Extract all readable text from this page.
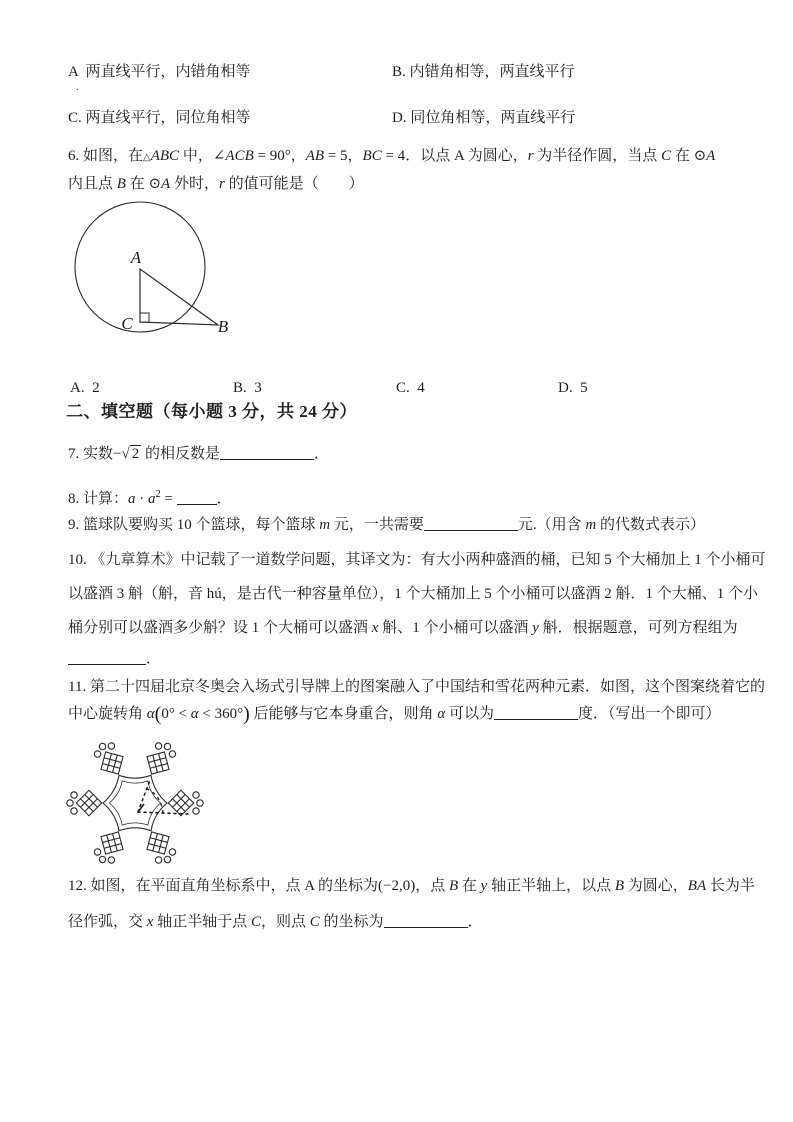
A  两直线平行，内错角相等	B. 内错角相等，两直线平行
.
C. 两直线平行，同位角相等	D. 同位角相等，两直线平行
6. 如图，在△ABC 中，∠ACB = 90°，AB = 5，BC = 4．以点 A 为圆心，r 为半径作圆，当点 C 在 ⊙A
内且点 B 在 ⊙A 外时，r 的值可能是（　　）
A
C	B
A.  2	B.  3	C.  4	D.  5
二、填空题（每小题 3 分，共 24 分）
7. 实数−√ 2 的相反数是	．
8. 计算：$a \cdot a^2$ =	．
9. 篮球队要购买 10 个篮球，每个篮球 m 元，一共需要	元.（用含 m 的代数式表示）
10. 《九章算术》中记载了一道数学问题，其译文为：有大小两种盛酒的桶，已知 5 个大桶加上 1 个小桶可
以盛酒 3 斛（斛，音 hú，是古代一种容量单位），1 个大桶加上 5 个小桶可以盛酒 2 斛．1 个大桶、1 个小
桶分别可以盛酒多少斛？设 1 个大桶可以盛酒 x 斛、1 个小桶可以盛酒 y 斛．根据题意，可列方程组为
．
11. 第二十四届北京冬奥会入场式引导牌上的图案融入了中国结和雪花两种元素．如图，这个图案绕着它的
中心旋转角 α(0° < α < 360°) 后能够与它本身重合，则角 α 可以为	度．（写出一个即可）
12. 如图，在平面直角坐标系中，点 A 的坐标为(−2,0)，点 B 在 y 轴正半轴上，以点 B 为圆心，BA 长为半
径作弧，交 x 轴正半轴于点 C，则点 C 的坐标为	．
